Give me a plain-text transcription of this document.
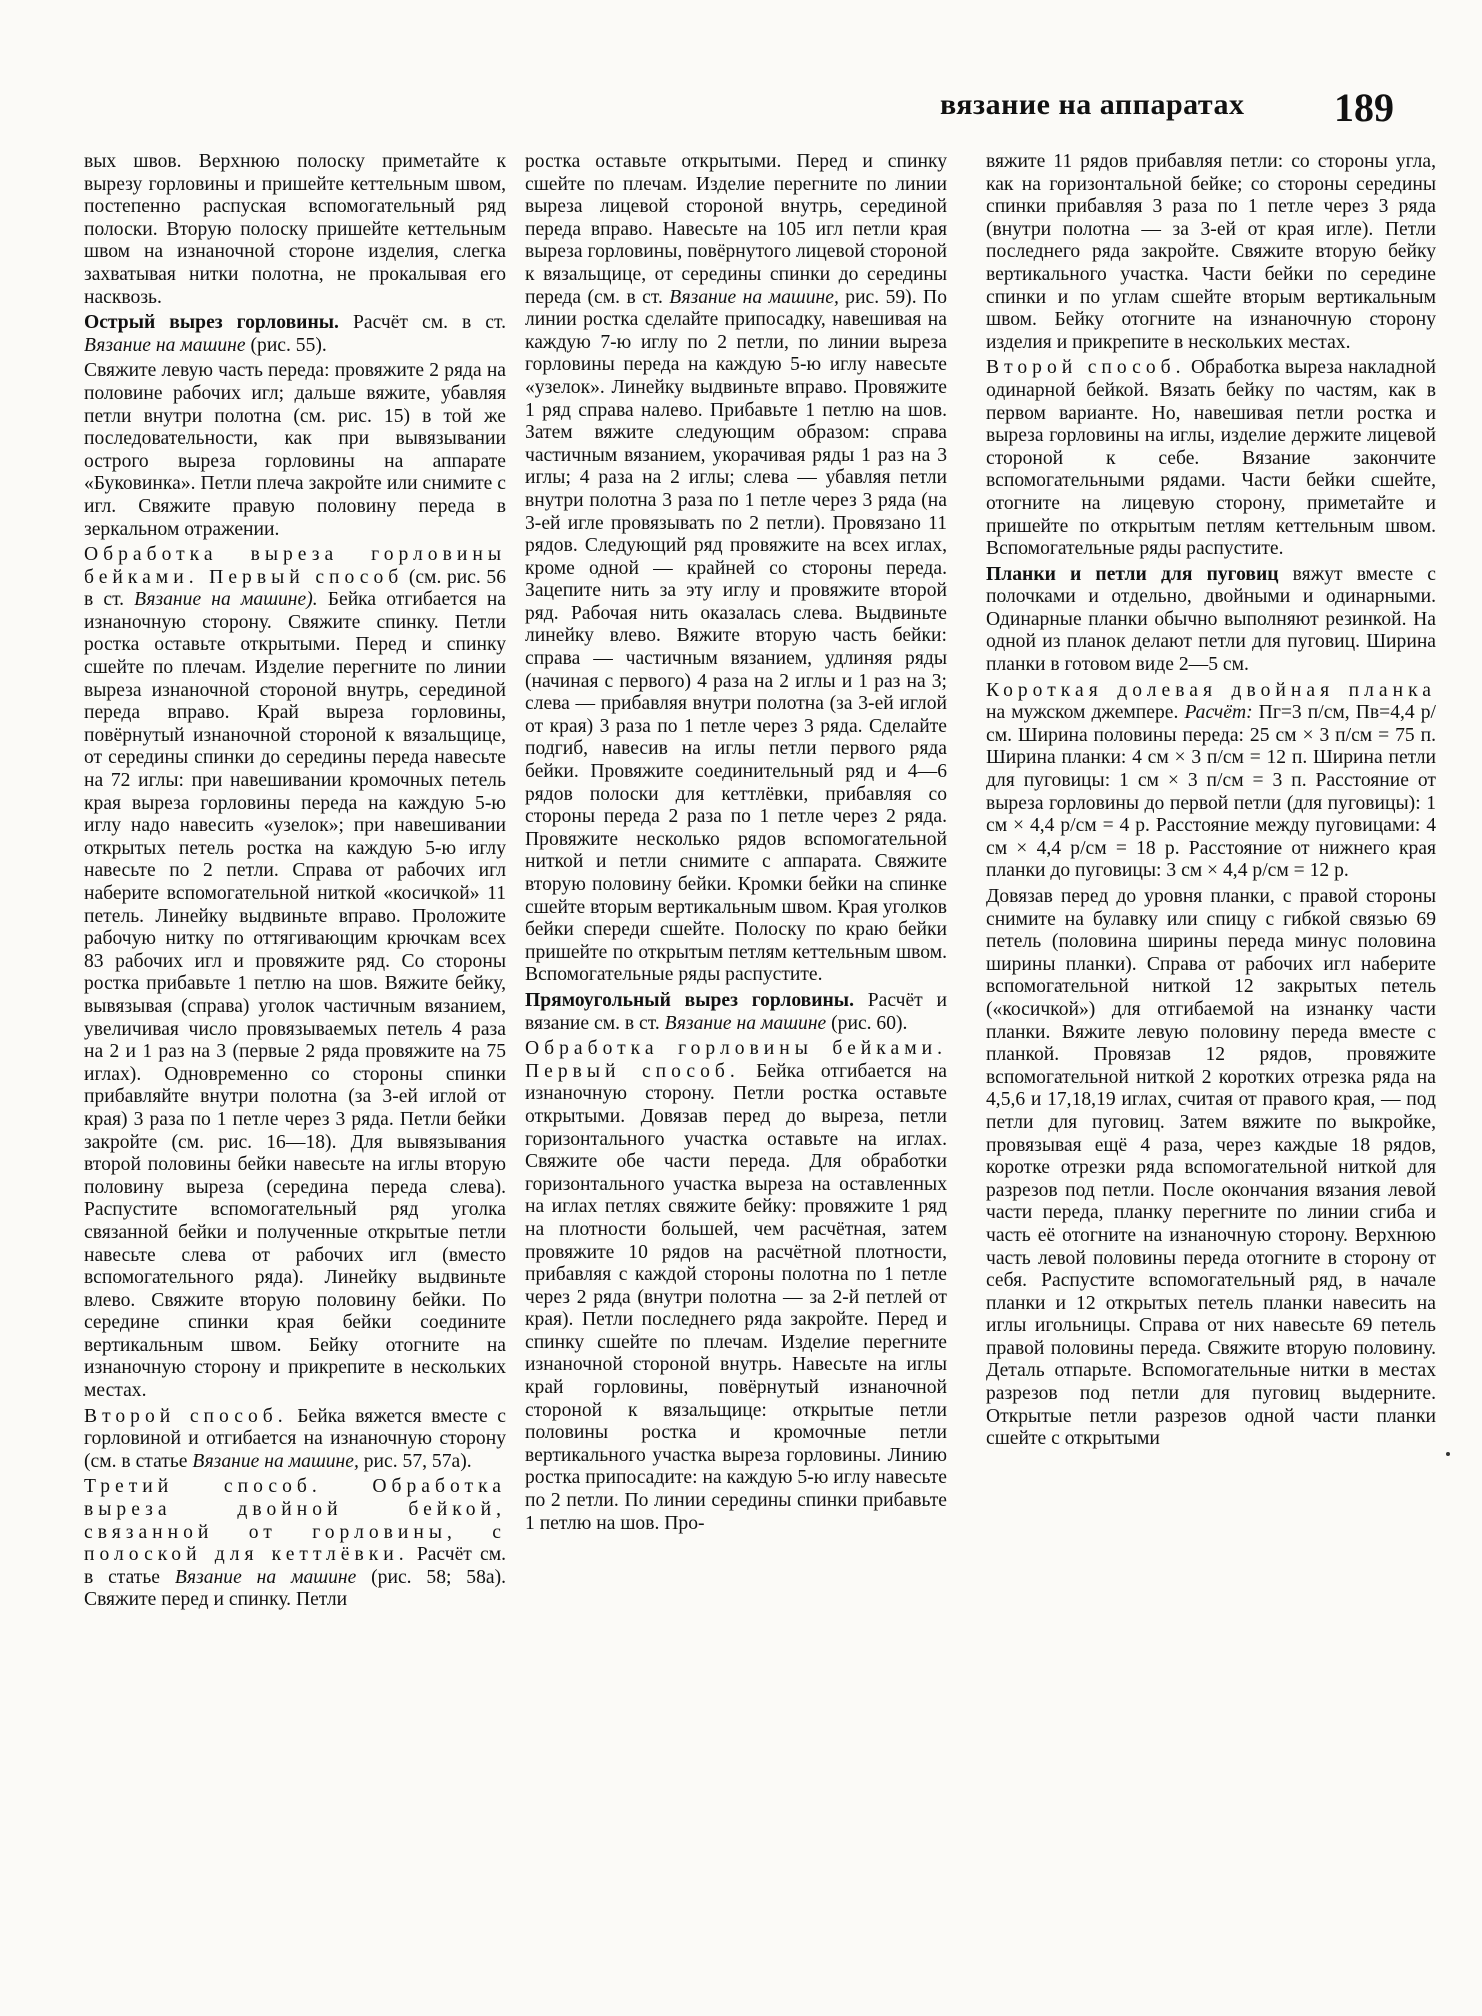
вязание на аппаратах 189

вых швов. Верхнюю полоску приметайте к вырезу горловины и пришейте кеттельным швом, постепенно распуская вспомогательный ряд полоски. Вторую полоску пришейте кеттельным швом на изнаночной стороне изделия, слегка захватывая нитки полотна, не прокалывая его насквозь.

Острый вырез горловины. Расчёт см. в ст. Вязание на машине (рис. 55).

Свяжите левую часть переда: провяжите 2 ряда на половине рабочих игл; дальше вяжите, убавляя петли внутри полотна (см. рис. 15) в той же последовательности, как при вывязывании острого выреза горловины на аппарате «Буковинка». Петли плеча закройте или снимите с игл. Свяжите правую половину переда в зеркальном отражении.

Обработка выреза горловины бейками. Первый способ (см. рис. 56 в ст. Вязание на машине). Бейка отгибается на изнаночную сторону. Свяжите спинку. Петли ростка оставьте открытыми. Перед и спинку сшейте по плечам. Изделие перегните по линии выреза изнаночной стороной внутрь, серединой переда вправо. Край выреза горловины, повёрнутый изнаночной стороной к вязальщице, от середины спинки до середины переда навесьте на 72 иглы: при навешивании кромочных петель края выреза горловины переда на каждую 5-ю иглу надо навесить «узелок»; при навешивании открытых петель ростка на каждую 5-ю иглу навесьте по 2 петли. Справа от рабочих игл наберите вспомогательной ниткой «косичкой» 11 петель. Линейку выдвиньте вправо. Проложите рабочую нитку по оттягивающим крючкам всех 83 рабочих игл и провяжите ряд. Со стороны ростка прибавьте 1 петлю на шов. Вяжите бейку, вывязывая (справа) уголок частичным вязанием, увеличивая число провязываемых петель 4 раза на 2 и 1 раз на 3 (первые 2 ряда провяжите на 75 иглах). Одновременно со стороны спинки прибавляйте внутри полотна (за 3-ей иглой от края) 3 раза по 1 петле через 3 ряда. Петли бейки закройте (см. рис. 16—18). Для вывязывания второй половины бейки навесьте на иглы вторую половину выреза (середина переда слева). Распустите вспомогательный ряд уголка связанной бейки и полученные открытые петли навесьте слева от рабочих игл (вместо вспомогательного ряда). Линейку выдвиньте влево. Свяжите вторую половину бейки. По середине спинки края бейки соедините вертикальным швом. Бейку отогните на изнаночную сторону и прикрепите в нескольких местах.

Второй способ. Бейка вяжется вместе с горловиной и отгибается на изнаночную сторону (см. в статье Вязание на машине, рис. 57, 57а).

Третий способ. Обработка выреза двойной бейкой, связанной от горловины, с полоской для кеттлёвки. Расчёт см. в статье Вязание на машине (рис. 58; 58а). Свяжите перед и спинку. Петли

ростка оставьте открытыми. Перед и спинку сшейте по плечам. Изделие перегните по линии выреза лицевой стороной внутрь, серединой переда вправо. Навесьте на 105 игл петли края выреза горловины, повёрнутого лицевой стороной к вязальщице, от середины спинки до середины переда (см. в ст. Вязание на машине, рис. 59). По линии ростка сделайте припосадку, навешивая на каждую 7-ю иглу по 2 петли, по линии выреза горловины переда на каждую 5-ю иглу навесьте «узелок». Линейку выдвиньте вправо. Провяжите 1 ряд справа налево. Прибавьте 1 петлю на шов. Затем вяжите следующим образом: справа частичным вязанием, укорачивая ряды 1 раз на 3 иглы; 4 раза на 2 иглы; слева — убавляя петли внутри полотна 3 раза по 1 петле через 3 ряда (на 3-ей игле провязывать по 2 петли). Провязано 11 рядов. Следующий ряд провяжите на всех иглах, кроме одной — крайней со стороны переда. Зацепите нить за эту иглу и провяжите второй ряд. Рабочая нить оказалась слева. Выдвиньте линейку влево. Вяжите вторую часть бейки: справа — частичным вязанием, удлиняя ряды (начиная с первого) 4 раза на 2 иглы и 1 раз на 3; слева — прибавляя внутри полотна (за 3-ей иглой от края) 3 раза по 1 петле через 3 ряда. Сделайте подгиб, навесив на иглы петли первого ряда бейки. Провяжите соединительный ряд и 4—6 рядов полоски для кеттлёвки, прибавляя со стороны переда 2 раза по 1 петле через 2 ряда. Провяжите несколько рядов вспомогательной ниткой и петли снимите с аппарата. Свяжите вторую половину бейки. Кромки бейки на спинке сшейте вторым вертикальным швом. Края уголков бейки спереди сшейте. Полоску по краю бейки пришейте по открытым петлям кеттельным швом. Вспомогательные ряды распустите.

Прямоугольный вырез горловины. Расчёт и вязание см. в ст. Вязание на машине (рис. 60).

Обработка горловины бейками. Первый способ. Бейка отгибается на изнаночную сторону. Петли ростка оставьте открытыми. Довязав перед до выреза, петли горизонтального участка оставьте на иглах. Свяжите обе части переда. Для обработки горизонтального участка выреза на оставленных на иглах петлях свяжите бейку: провяжите 1 ряд на плотности большей, чем расчётная, затем провяжите 10 рядов на расчётной плотности, прибавляя с каждой стороны полотна по 1 петле через 2 ряда (внутри полотна — за 2-й петлей от края). Петли последнего ряда закройте. Перед и спинку сшейте по плечам. Изделие перегните изнаночной стороной внутрь. Навесьте на иглы край горловины, повёрнутый изнаночной стороной к вязальщице: открытые петли половины ростка и кромочные петли вертикального участка выреза горловины. Линию ростка припосадите: на каждую 5-ю иглу навесьте по 2 петли. По линии середины спинки прибавьте 1 петлю на шов. Про-

вяжите 11 рядов прибавляя петли: со стороны угла, как на горизонтальной бейке; со стороны середины спинки прибавляя 3 раза по 1 петле через 3 ряда (внутри полотна — за 3-ей от края игле). Петли последнего ряда закройте. Свяжите вторую бейку вертикального участка. Части бейки по середине спинки и по углам сшейте вторым вертикальным швом. Бейку отогните на изнаночную сторону изделия и прикрепите в нескольких местах.

Второй способ. Обработка выреза накладной одинарной бейкой. Вязать бейку по частям, как в первом варианте. Но, навешивая петли ростка и выреза горловины на иглы, изделие держите лицевой стороной к себе. Вязание закончите вспомогательными рядами. Части бейки сшейте, отогните на лицевую сторону, приметайте и пришейте по открытым петлям кеттельным швом. Вспомогательные ряды распустите.

Планки и петли для пуговиц вяжут вместе с полочками и отдельно, двойными и одинарными. Одинарные планки обычно выполняют резинкой. На одной из планок делают петли для пуговиц. Ширина планки в готовом виде 2—5 см.

Короткая долевая двойная планка на мужском джемпере. Расчёт: Пг=3 п/см, Пв=4,4 р/см. Ширина половины переда: 25 см × 3 п/см = 75 п. Ширина планки: 4 см × 3 п/см = 12 п. Ширина петли для пуговицы: 1 см × 3 п/см = 3 п. Расстояние от выреза горловины до первой петли (для пуговицы): 1 см × 4,4 р/см = 4 р. Расстояние между пуговицами: 4 см × 4,4 р/см = 18 р. Расстояние от нижнего края планки до пуговицы: 3 см × 4,4 р/см = 12 р.

Довязав перед до уровня планки, с правой стороны снимите на булавку или спицу с гибкой связью 69 петель (половина ширины переда минус половина ширины планки). Справа от рабочих игл наберите вспомогательной ниткой 12 закрытых петель («косичкой») для отгибаемой на изнанку части планки. Вяжите левую половину переда вместе с планкой. Провязав 12 рядов, провяжите вспомогательной ниткой 2 коротких отрезка ряда на 4,5,6 и 17,18,19 иглах, считая от правого края, — под петли для пуговиц. Затем вяжите по выкройке, провязывая ещё 4 раза, через каждые 18 рядов, коротке отрезки ряда вспомогательной ниткой для разрезов под петли. После окончания вязания левой части переда, планку перегните по линии сгиба и часть её отогните на изнаночную сторону. Верхнюю часть левой половины переда отогните в сторону от себя. Распустите вспомогательный ряд, в начале планки и 12 открытых петель планки навесить на иглы игольницы. Справа от них навесьте 69 петель правой половины переда. Свяжите вторую половину. Деталь отпарьте. Вспомогательные нитки в местах разрезов под петли для пуговиц выдерните. Открытые петли разрезов одной части планки сшейте с открытыми
